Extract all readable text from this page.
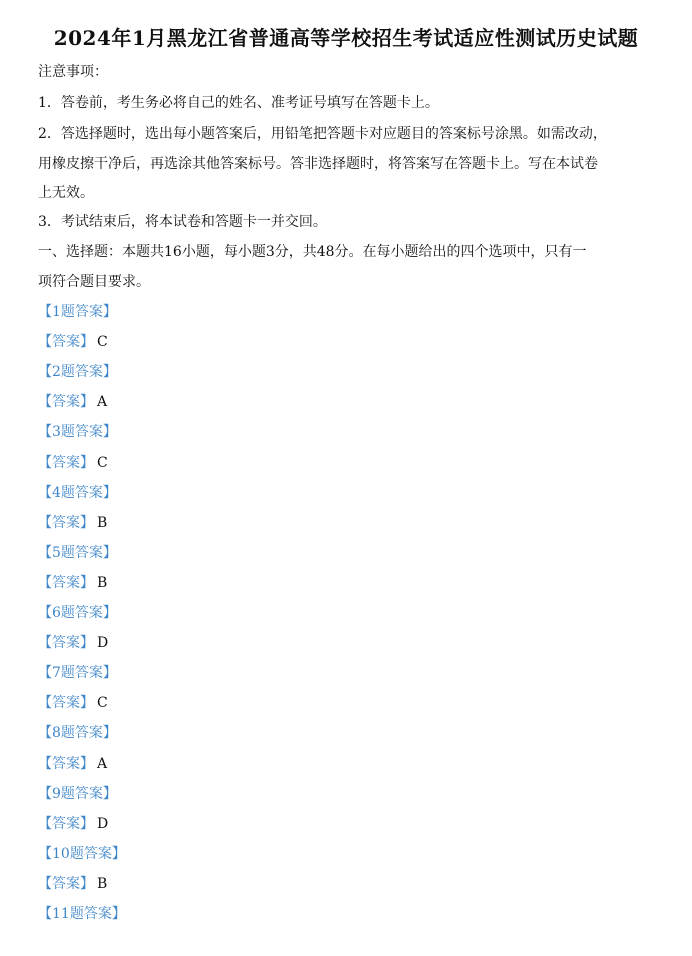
2024年1月黑龙江省普通高等学校招生考试适应性测试历史试题
注意事项：
1．答卷前，考生务必将自己的姓名、准考证号填写在答题卡上。
2．答选择题时，选出每小题答案后，用铅笔把答题卡对应题目的答案标号涂黑。如需改动，
用橡皮擦干净后，再选涂其他答案标号。答非选择题时，将答案写在答题卡上。写在本试卷
上无效。
3．考试结束后，将本试卷和答题卡一并交回。
一、选择题：本题共16小题，每小题3分，共48分。在每小题给出的四个选项中，只有一
项符合题目要求。
【1题答案】
【答案】 C
【2题答案】
【答案】 A
【3题答案】
【答案】 C
【4题答案】
【答案】 B
【5题答案】
【答案】 B
【6题答案】
【答案】 D
【7题答案】
【答案】 C
【8题答案】
【答案】 A
【9题答案】
【答案】 D
【10题答案】
【答案】 B
【11题答案】
